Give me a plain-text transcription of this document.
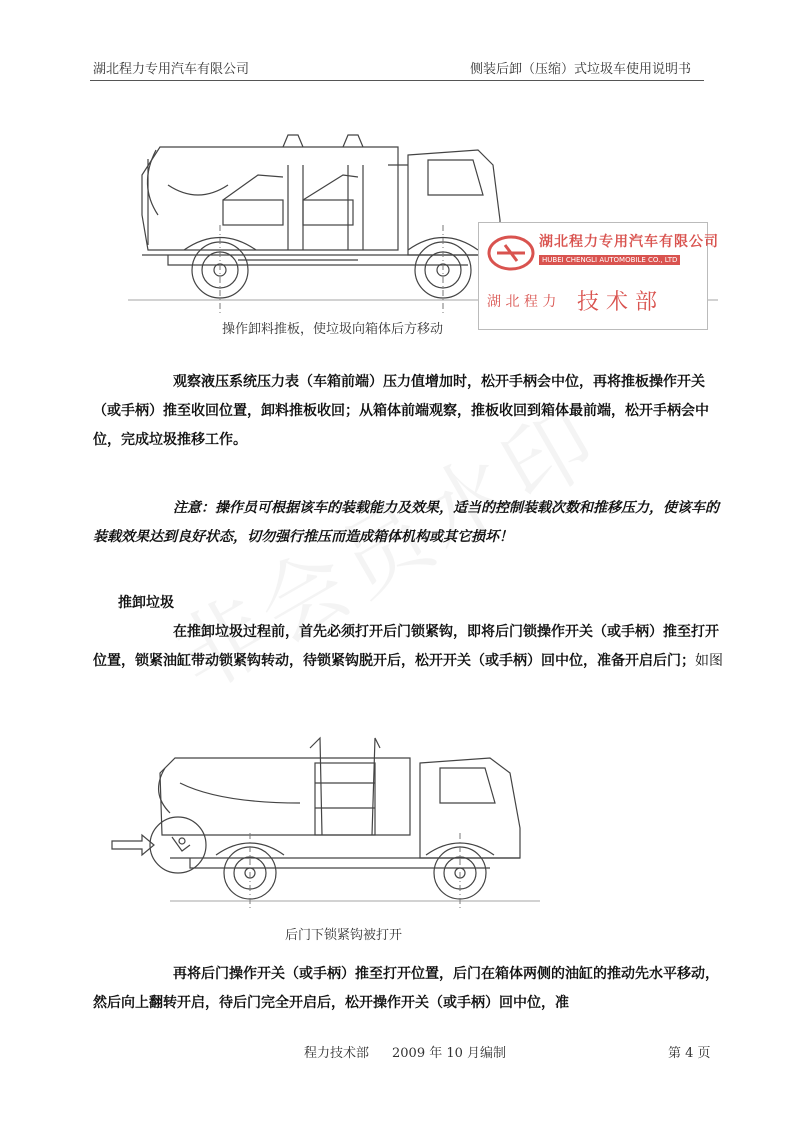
湖北程力专用汽车有限公司	侧装后卸（压缩）式垃圾车使用说明书
湖北程力专用汽车有限公司
HUBEI CHENGLI AUTOMOBILE CO., LTD
湖 北 程 力 技 术 部
操作卸料推板，使垃圾向箱体后方移动

观察液压系统压力表（车箱前端）压力值增加时，松开手柄会中位，再将推板操作开关（或手柄）推至收回位置，卸料推板收回；从箱体前端观察，推板收回到箱体最前端，松开手柄会中位，完成垃圾推移工作。

注意：操作员可根据该车的装载能力及效果，适当的控制装载次数和推移压力，使该车的装载效果达到良好状态，切勿强行推压而造成箱体机构或其它损坏！

推卸垃圾

在推卸垃圾过程前，首先必须打开后门锁紧钩，即将后门锁操作开关（或手柄）推至打开位置，锁紧油缸带动锁紧钩转动，待锁紧钩脱开后，松开开关（或手柄）回中位，准备开启后门；如图

后门下锁紧钩被打开

再将后门操作开关（或手柄）推至打开位置，后门在箱体两侧的油缸的推动先水平移动，然后向上翻转开启，待后门完全开启后，松开操作开关（或手柄）回中位，准

程力技术部 2009 年 10 月编制	第 4 页
